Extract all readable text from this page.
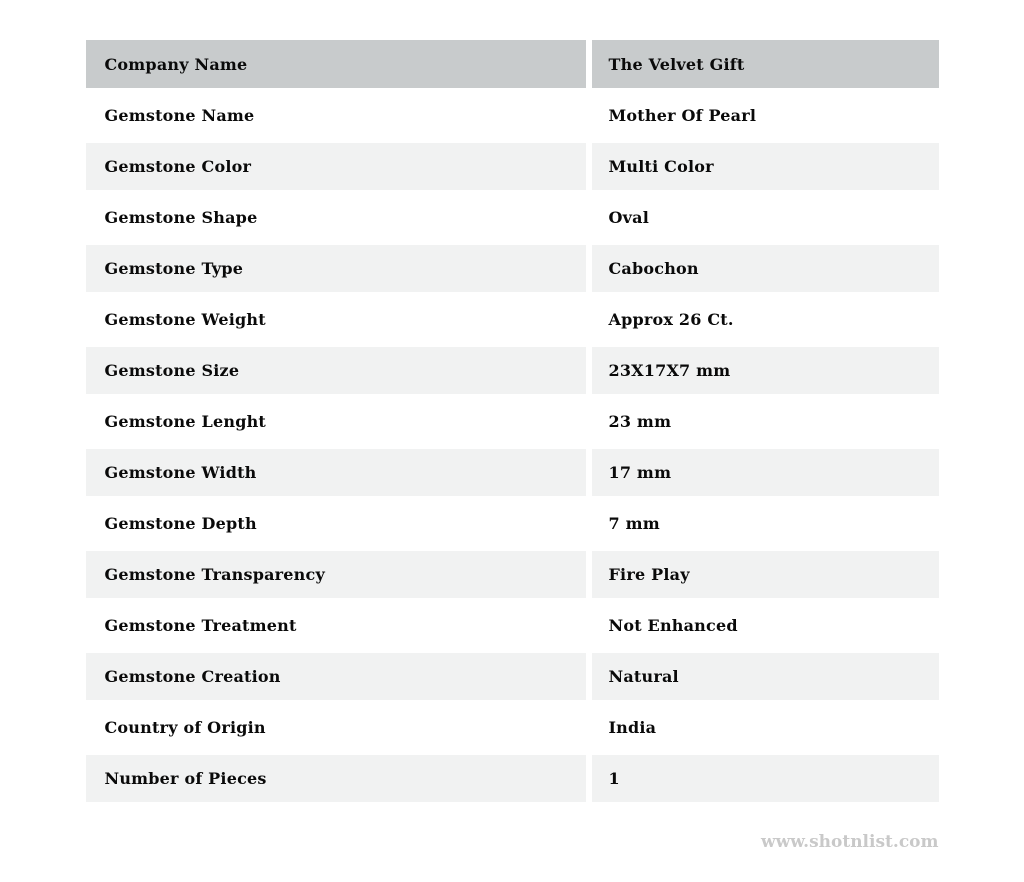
Company Name	The Velvet Gift
Gemstone Name	Mother Of Pearl
Gemstone Color	Multi Color
Gemstone Shape	Oval
Gemstone Type	Cabochon
Gemstone Weight	Approx 26 Ct.
Gemstone Size	23X17X7 mm
Gemstone Lenght	23 mm
Gemstone Width	17 mm
Gemstone Depth	7 mm
Gemstone Transparency	Fire Play
Gemstone Treatment	Not Enhanced
Gemstone Creation	Natural
Country of Origin	India
Number of Pieces	1
www.shotnlist.com
